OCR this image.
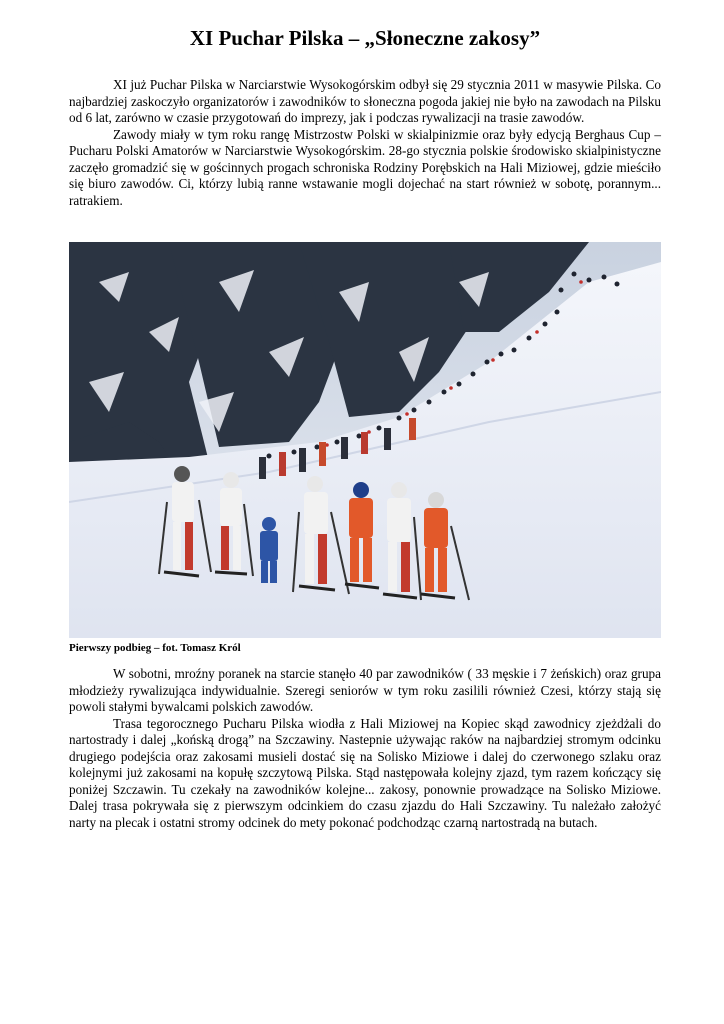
XI Puchar Pilska – „Słoneczne zakosy”

XI już Puchar Pilska w Narciarstwie Wysokogórskim odbył się 29 stycznia 2011 w masywie Pilska. Co najbardziej zaskoczyło organizatorów i zawodników to słoneczna pogoda jakiej nie było na zawodach na Pilsku od 6 lat, zarówno w czasie przygotowań do imprezy, jak i podczas rywalizacji na trasie zawodów.

Zawody miały w tym roku rangę Mistrzostw Polski w skialpinizmie oraz były edycją Berghaus Cup – Pucharu Polski Amatorów w Narciarstwie Wysokogórskim. 28-go stycznia polskie środowisko skialpinistyczne zaczęło gromadzić się w gościnnych progach schroniska Rodziny Porębskich na Hali Miziowej, gdzie mieściło się biuro zawodów. Ci, którzy lubią ranne wstawanie mogli dojechać na start również w sobotę, porannym... ratrakiem.

Pierwszy podbieg – fot. Tomasz Król

W sobotni, mroźny poranek na starcie stanęło 40 par zawodników ( 33 męskie i 7 żeńskich) oraz grupa młodzieży rywalizująca indywidualnie. Szeregi seniorów w tym roku zasilili również Czesi, którzy stają się powoli stałymi bywalcami polskich zawodów.

Trasa tegorocznego Pucharu Pilska wiodła z Hali Miziowej na Kopiec skąd zawodnicy zjeżdżali do nartostrady i dalej „końską drogą” na Szczawiny. Nastepnie używając raków na najbardziej stromym odcinku drugiego podejścia oraz zakosami musieli dostać się na Solisko Miziowe i dalej do czerwonego szlaku oraz kolejnymi już zakosami na kopułę szczytową Pilska. Stąd następowała kolejny zjazd, tym razem kończący się poniżej Szczawin. Tu czekały na zawodników kolejne... zakosy, ponownie prowadzące na Solisko Miziowe. Dalej trasa pokrywała się z pierwszym odcinkiem do czasu zjazdu do Hali Szczawiny. Tu należało założyć narty na plecak i ostatni stromy odcinek do mety pokonać podchodząc czarną nartostradą na butach.
